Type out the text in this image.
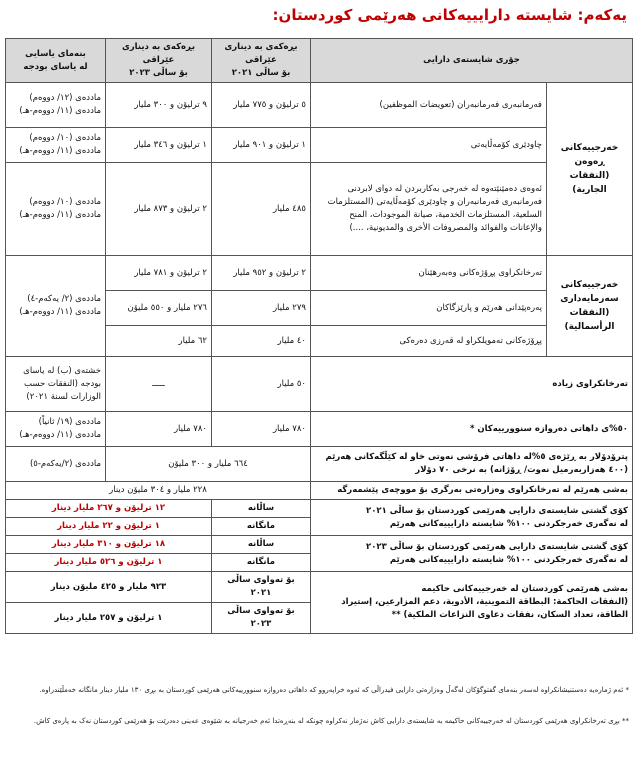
یەکەم: شایستە دارایییەکانی هەرێمی کوردستان:
بنەمای یاسایی
لە یاسای بودجە	بڕەکەی بە دیناری عێراقی
بۆ ساڵی ٢٠٢٣	بڕەکەی بە دیناری عێراقی
بۆ ساڵی ٢٠٢١	جۆری شایستەی دارایی	
ماددەی (١٢/ دووەم)
ماددەی (١١/ دووەم-هـ)	٩ ترلیۆن و ٣٠٠ ملیار	٥ ترلیۆن و ٧٧٥ ملیار	فەرمانبەری فەرمانبەران (تعويضات الموظفين)	خەرجییەکانی ڕەوەن
(النفقات الجارية)
ماددەی (١٠/ دووەم)
ماددەی (١١/ دووەم-هـ)	١ ترلیۆن و ٣٤٦ ملیار	١ ترلیۆن و ٩٠١ ملیار	چاودێری کۆمەڵایەتی	
ماددەی (١٠/ دووەم)
ماددەی (١١/ دووەم-هـ)	٢ ترلیۆن و ٨٧٣ ملیار	٤٨٥ ملیار	ئەوەی دەمێنێتەوە لە خەرجی بەکاربردن لە دوای لابردنی فەرمانبەری فەرمانبەران و چاودێری کۆمەڵایەتی (المستلزمات السلعية، المستلزمات الخدمية، صيانة الموجودات، المنح والإعانات والفوائد والمصروفات الأخرى والمديونية، ....)	
ماددەی (٢/ یەکەم-٤)
ماددەی (١١/ دووەم-هـ)	٢ ترلیۆن و ٧٨١ ملیار	٢ ترلیۆن و ٩٥٢ ملیار	تەرخانکراوی پڕۆژەکانی وەبەرهێنان	خەرجییەکانی
سەرمایەداری
(النفقات
الرأسمالية)
	٢٧٦ ملیار و ٥٥٠ ملیۆن	٢٧٩ ملیار	پەرەپێدانی هەرێم و پارێزگاکان	
	٦٢ ملیار	٤٠ ملیار	پڕۆژەکانی تەمویلکراو لە قەرزی دەرەکی	
خشتەی (ب) لە یاسای بودجە (النفقات حسب الوزارات لسنة ٢٠٢١)	ـــــ	٥٠ ملیار	تەرخانکراوی زیادە	
ماددەی (١٩/ ثانیاً)
ماددەی (١١/ دووەم-هـ)	٧٨٠ ملیار	٧٨٠ ملیار	٥٠%ی داهاتی دەروازە سنوورییەکان *	
ماددەی (٢/یەکەم-٥)	٦٦٤ ملیار و ٣٠٠ ملیۆن		پترۆدۆلار بە ڕێژەی ٥%لە داهاتی فرۆشی نەوتی خاو لە کێڵگەکانی هەرێم (٤٠٠ هەزاربەرمیل نەوت/ ڕۆژانە) بە نرخی ٧٠ دۆلار	
٢٢٨ ملیار و ٣٠٤ ملیۆن دینار			بەشی هەرێم لە تەرخانکراوی وەزارەتی بەرگری بۆ مووچەی پێشمەرگە	
١٢ ترلیۆن و ٢٦٧ ملیار دینار		ساڵانە	کۆی گشتی شایستەی دارایی هەرێمی کوردستان بۆ ساڵی ٢٠٢١
لە نەگەری خەرجکردنی ١٠٠% شایستە دارایییەکانی هەرێم	
١ ترلیۆن و ٢٢ ملیار دینار		مانگانە		
١٨ ترلیۆن و ٣١٠ ملیار دینار		ساڵانە	کۆی گشتی شایستەی دارایی هەرێمی کوردستان بۆ ساڵی ٢٠٢٣
لە نەگەری خەرجکردنی ١٠٠% شایستە دارایییەکانی هەرێم	
١ ترلیۆن و ٥٢٦ ملیار دینار		مانگانە		
٩٢٣ ملیار و ٤٢٥ ملیۆن دینار		بۆ تەواوی ساڵی ٢٠٢١	بەشی هەرێمی کوردستان لە خەرجییەکانی حاکیمە
(النفقات الحاكمة: البطاقة التموينية، الأدوية، دعم المزارعين، إستيراد الطاقة، تعداد السكان، نفقات دعاوى النزاعات الملكية) **	
١ ترلیۆن و ٢٥٧ ملیار دینار		بۆ تەواوی ساڵی ٢٠٢٣		
* ئەم ژمارەیە دەستنیشانکراوە لەسەر بنەمای گفتوگۆکان لەگەڵ وەزارەتی دارایی فیدراڵی کە ئەوە خراپەروو کە داهاتی دەروازە سنوورییەکانی هەرێمی کوردستان بە بڕی ١٣٠ ملیار دینار مانگانە خەمڵێندراوە.
** بڕی تەرخانکراوی هەرێمی کوردستان لە خەرجییەکانی حاکیمە بە شایستەی دارایی کاش نەژمار نەکراوە چونکە لە بنەڕەتدا ئەم خەرجیانە بە شێوەی عەینی دەدرێت بۆ هەرێمی کوردستان نەک بە پارەی کاش.
